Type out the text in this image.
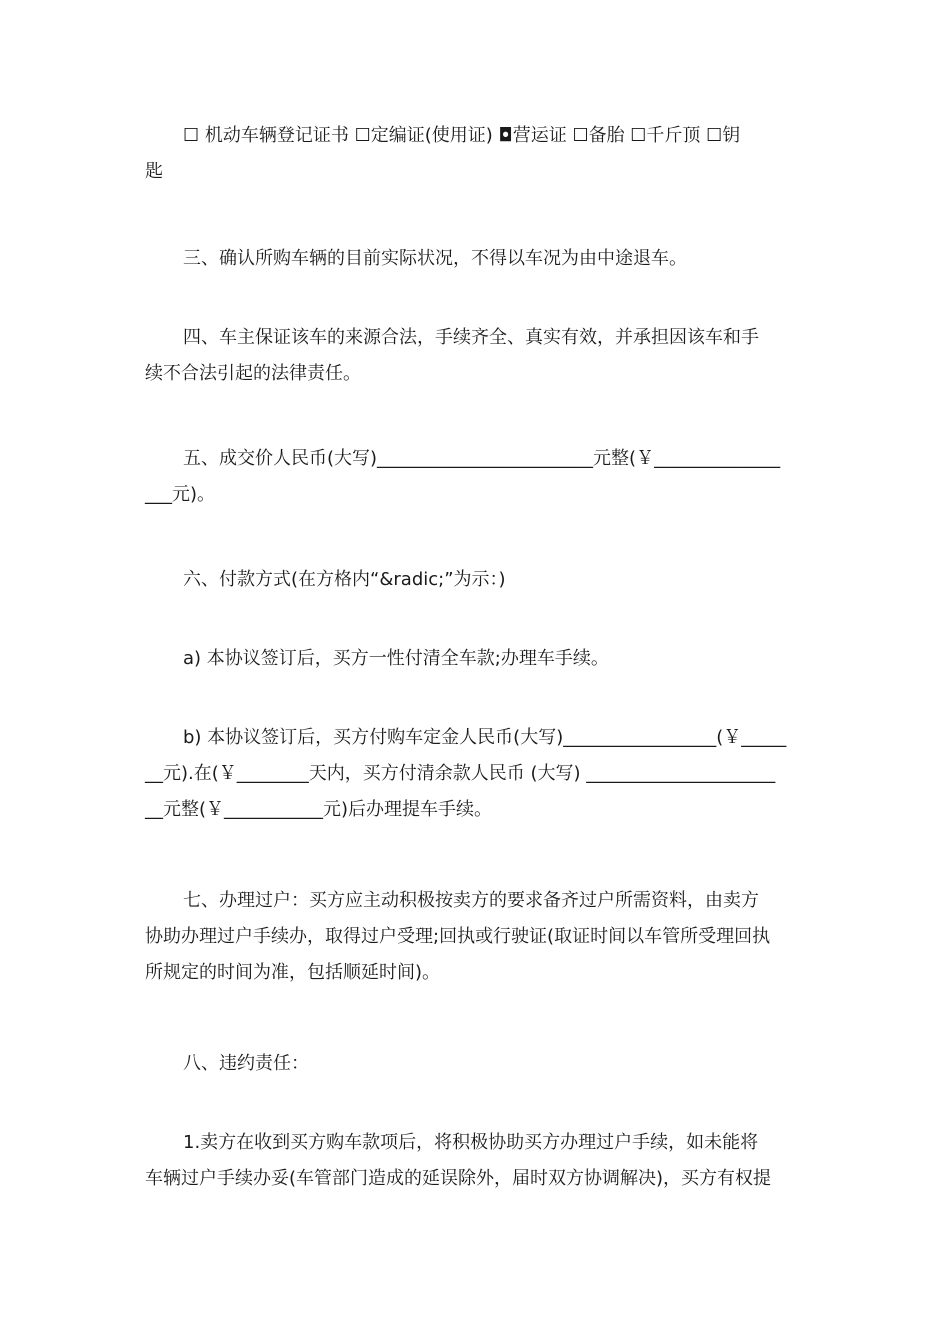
☐ 机动车辆登记证书 ☐定编证(使用证) ◘营运证 ☐备胎 ☐千斤顶 ☐钥
匙
三、确认所购车辆的目前实际状况，不得以车况为由中途退车。
四、车主保证该车的来源合法，手续齐全、真实有效，并承担因该车和手
续不合法引起的法律责任。
五、成交价人民币(大写)________________________元整(￥______________
___元)。
六、付款方式(在方格内“&radic;”为示：)
a) 本协议签订后，买方一性付清全车款;办理车手续。
b) 本协议签订后，买方付购车定金人民币(大写)_________________(￥_____
__元).在(￥________天内，买方付清余款人民币 (大写) _____________________
__元整(￥___________元)后办理提车手续。
七、办理过户：买方应主动积极按卖方的要求备齐过户所需资料，由卖方
协助办理过户手续办，取得过户受理;回执或行驶证(取证时间以车管所受理回执
所规定的时间为准，包括顺延时间)。
八、违约责任：
1.卖方在收到买方购车款项后，将积极协助买方办理过户手续，如未能将
车辆过户手续办妥(车管部门造成的延误除外，届时双方协调解决)，买方有权提
